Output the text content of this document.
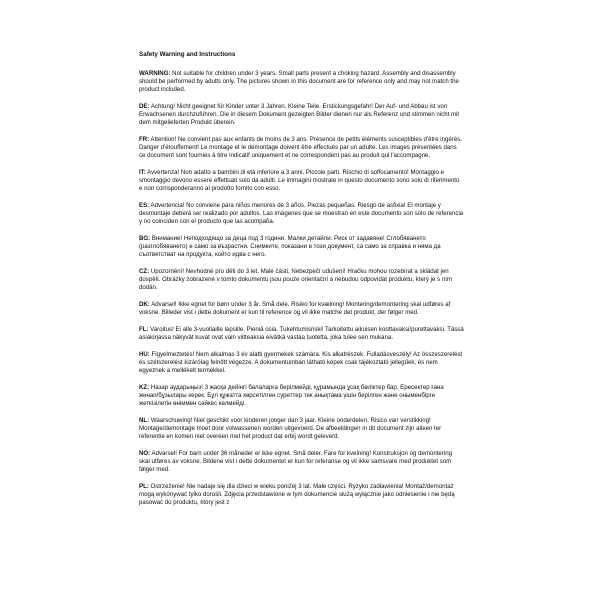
Safety Warning and Instructions

WARNING: Not suitable for children under 3 years. Small parts present a choking hazard. Assembly and disassembly should be performed by adults only. The pictures shown in this document are for reference only and may not match the product included.

DE: Achtung! Nicht geeignet für Kinder unter 3 Jahren. Kleine Teile. Erstickungsgefahr! Der Auf- und Abbau ist von Erwachsenen durchzuführen. Die in diesem Dokument gezeigten Bilder dienen nur als Referenz und stimmen nicht mit dem mitgelieferten Produkt überein.

FR: Attention! Ne convient pas aux enfants de moins de 3 ans. Présence de petits éléments susceptibles d'être ingérés. Danger d'étouffement! Le montage et le démontage doivent être effectués par un adulte. Les images présentées dans ce document sont fournies à titre indicatif uniquement et ne correspondent pas au produit qui l'accompagne.

IT: Avvertenza! Non adatto a bambini di età inferiore a 3 anni. Piccole parti. Rischio di soffocamento! Montaggio e smontaggio devono essere effettuati solo da adulti. Le immagini mostrate in questo documento sono solo di riferimento e non corrisponderanno al prodotto fornito con esso.

ES: Advertencia! No conviene para niños menores de 3 años. Piezas pequeñas. Riesgo de asfixia! El montaje y desmontaje deberá ser realizado por adultos. Las imágenes que se muestran en este documento son solo de referencia y no coinciden con el producto que las acompaña.

BG: Внимание! Неподходящо за деца под 3 години. Малки детайли. Риск от задавяне! Сглобяването (разглобяването) е само за възрастни. Снимките, показани в този документ, са само за справка и няма да съответстват на продукта, който идва с него.

CZ: Upozornění! Nevhodné pro děti do 3 let. Malé části. Nebezpečí udušení! Hračku mohou rozebírat a skládat jen dospělí. Obrázky zobrazené v tomto dokumentu jsou pouze orientační a nebudou odpovídat produktu, který je s ním dodán.

DK: Advarsel! Ikke egnet for børn under 3 år. Små dele. Risiko for kvælning! Montering/demontering skal udføres af voksne. Billeder vist i dette dokument er kun til reference og vil ikke matche det produkt, der følger med.

FL: Varoitus! Ei alle 3-vuotiaille lapsille. Pieniä osia. Tukehtumisriski! Tarkoitettu aikuisen koottavaksi/purettavaksi. Tässä asiakirjassa näkyvät kuvat ovat vain viitteaksia eivätkä vastaa tuotetta, joka tulee sen mukana.

HU: Figyelmeztetés! Nem alkalmas 3 év alatti gyermekek számára. Kis alkatrészek. Fulladásveszély! Az összeszerelést és szétszerelést kizárólag felnőtt végezze. A dokumentumban látható képek csak tájékoztató jellegűek, és nem egyeznek a mellékelt termékkel.

KZ: Назар аударыңыз! 3 жасқа дейінгі балаларға берілмейді, құрамында ұсақ бөліктер бар. Ересектер ғана жинап/бұзылары керек. Бұл құжатта көрсетілген суреттер тек анықтама үшін берілген және оныменбірге жеткізілетін өніммен сәйкес келмейді.

NL: Waarschuwing! Niet geschikt voor kinderen jonger dan 3 jaar. Kleine onderdelen. Risico van verstikking! Montage/demontage moet door volwassenen worden uitgevoerd. De afbeeldingen in dit document zijn alleen ter referentie en komen niet overeen met het product dat erbij wordt geleverd.

NO: Advarsel! For barn under 36 måneder er ikke egnet. Små deler. Fare for kvelning! Konstruksjon og demontering skal utføres av voksne. Bildene vist i dette dokumentet er kun for referanse og vil ikke samsvare med produktet som følger med.

PL: Ostrzeżenie! Nie nadaje się dla dzieci w wieku poniżej 3 lat. Małe części. Ryzyko zadławienia! Montaż/demontaż mogą wykonywać tylko dorośli. Zdjęcia przedstawione w tym dokumencie służą wyłącznie jako odniesienie i nie będą pasować do produktu, który jest z
